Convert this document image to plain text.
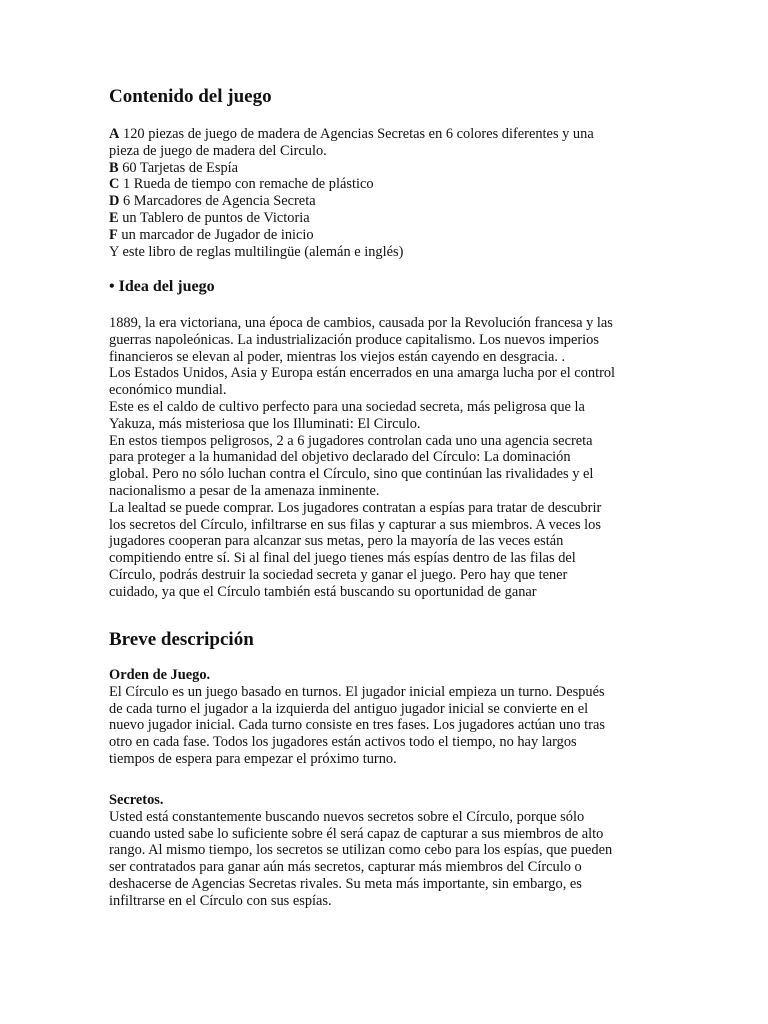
Contenido del juego
A 120 piezas de juego de madera de Agencias Secretas en 6 colores diferentes y una
pieza de juego de madera del Circulo.
B 60 Tarjetas de Espía
C 1 Rueda de tiempo con remache de plástico
D 6 Marcadores de Agencia Secreta
E un Tablero de puntos de Victoria
F un marcador de Jugador de inicio
Y este libro de reglas multilingüe (alemán e inglés)
• Idea del juego
1889, la era victoriana, una época de cambios, causada por la Revolución francesa y las
guerras napoleónicas. La industrialización produce capitalismo. Los nuevos imperios
financieros se elevan al poder, mientras los viejos están cayendo en desgracia. .
Los Estados Unidos, Asia y Europa están encerrados en una amarga lucha por el control
económico mundial.
Este es el caldo de cultivo perfecto para una sociedad secreta, más peligrosa que la
Yakuza, más misteriosa que los Illuminati: El Circulo.
En estos tiempos peligrosos, 2 a 6 jugadores controlan cada uno una agencia secreta
para proteger a la humanidad del objetivo declarado del Círculo: La dominación
global. Pero no sólo luchan contra el Círculo, sino que continúan las rivalidades y el
nacionalismo a pesar de la amenaza inminente.
La lealtad se puede comprar. Los jugadores contratan a espías para tratar de descubrir
los secretos del Círculo, infiltrarse en sus filas y capturar a sus miembros. A veces los
jugadores cooperan para alcanzar sus metas, pero la mayoría de las veces están
compitiendo entre sí. Si al final del juego tienes más espías dentro de las filas del
Círculo, podrás destruir la sociedad secreta y ganar el juego. Pero hay que tener
cuidado, ya que el Círculo también está buscando su oportunidad de ganar
Breve descripción
Orden de Juego.
El Círculo es un juego basado en turnos. El jugador inicial empieza un turno. Después
de cada turno el jugador a la izquierda del antiguo jugador inicial se convierte en el
nuevo jugador inicial. Cada turno consiste en tres fases. Los jugadores actúan uno tras
otro en cada fase. Todos los jugadores están activos todo el tiempo, no hay largos
tiempos de espera para empezar el próximo turno.
Secretos.
Usted está constantemente buscando nuevos secretos sobre el Círculo, porque sólo
cuando usted sabe lo suficiente sobre él será capaz de capturar a sus miembros de alto
rango. Al mismo tiempo, los secretos se utilizan como cebo para los espías, que pueden
ser contratados para ganar aún más secretos, capturar más miembros del Círculo o
deshacerse de Agencias Secretas rivales. Su meta más importante, sin embargo, es
infiltrarse en el Círculo con sus espías.
